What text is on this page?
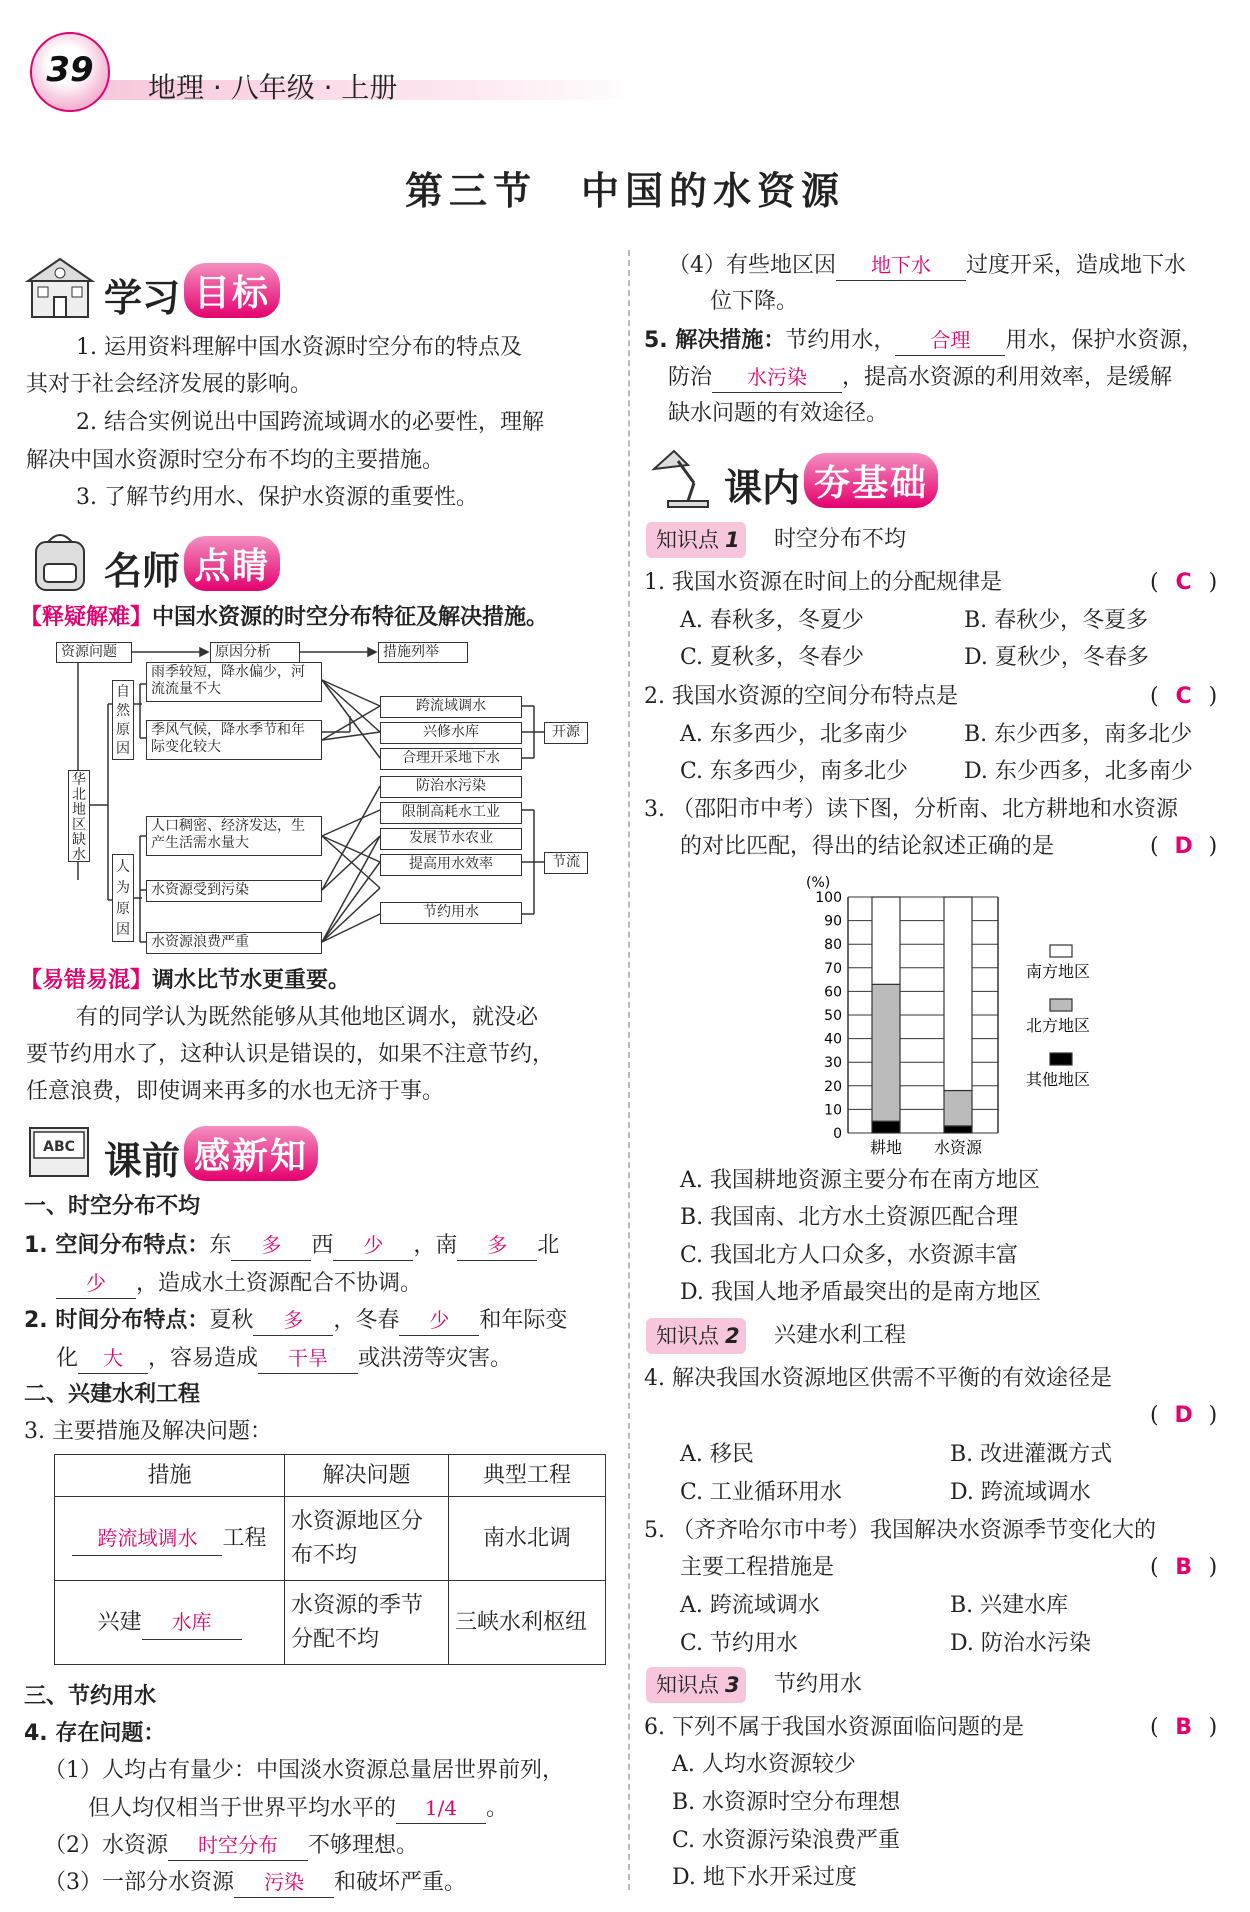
39 地理 · 八年级 · 上册
第三节　中国的水资源
学习 目标
1. 运用资料理解中国水资源时空分布的特点及
其对于社会经济发展的影响。
2. 结合实例说出中国跨流域调水的必要性，理解
解决中国水资源时空分布不均的主要措施。
3. 了解节约用水、保护水资源的重要性。
名师 点睛
【释疑解难】中国水资源的时空分布特征及解决措施。
资源问题	原因分析	措施列举
华北地区缺水
自然原因
人为原因
雨季较短，降水偏少，河流流量不大
季风气候，降水季节和年际变化较大
人口稠密、经济发达，生产生活需水量大
水资源受到污染
水资源浪费严重
跨流域调水
兴修水库
合理开采地下水
防治水污染
限制高耗水工业
发展节水农业
提高用水效率
节约用水
开源
节流
【易错易混】调水比节水更重要。
有的同学认为既然能够从其他地区调水，就没必
要节约用水了，这种认识是错误的，如果不注意节约，
任意浪费，即使调来再多的水也无济于事。
ABC 课前 感新知
一、时空分布不均
1. 空间分布特点：东 多 西 少 ，南 多 北
少 ，造成水土资源配合不协调。
2. 时间分布特点：夏秋 多 ，冬春 少 和年际变
化 大 ，容易造成 干旱 或洪涝等灾害。
二、兴建水利工程
3. 主要措施及解决问题：
措施	解决问题	典型工程
跨流域调水 工程	水资源地区分布不均	南水北调
兴建 水库	水资源的季节分配不均	三峡水利枢纽
三、节约用水
4. 存在问题：
（1）人均占有量少：中国淡水资源总量居世界前列，
但人均仅相当于世界平均水平的 1/4 。
（2）水资源 时空分布 不够理想。
（3）一部分水资源 污染 和破坏严重。
（4）有些地区因 地下水 过度开采，造成地下水
位下降。
5. 解决措施：节约用水， 合理 用水，保护水资源，
防治 水污染 ，提高水资源的利用效率，是缓解
缺水问题的有效途径。
课内 夯基础
知识点 1 时空分布不均
1. 我国水资源在时间上的分配规律是	( C )
A. 春秋多，冬夏少	B. 春秋少，冬夏多
C. 夏秋多，冬春少	D. 夏秋少，冬春多
2. 我国水资源的空间分布特点是	( C )
A. 东多西少，北多南少	B. 东少西多，南多北少
C. 东多西少，南多北少	D. 东少西多，北多南少
3. （邵阳市中考）读下图，分析南、北方耕地和水资源
的对比匹配，得出的结论叙述正确的是	( D )
0
10
20
30
40
50
60
70
80
90
100
(%)
耕地 水资源
南方地区
北方地区
其他地区
A. 我国耕地资源主要分布在南方地区
B. 我国南、北方水土资源匹配合理
C. 我国北方人口众多，水资源丰富
D. 我国人地矛盾最突出的是南方地区
知识点 2 兴建水利工程
4. 解决我国水资源地区供需不平衡的有效途径是
( D )
A. 移民	B. 改进灌溉方式
C. 工业循环用水	D. 跨流域调水
5. （齐齐哈尔市中考）我国解决水资源季节变化大的
主要工程措施是	( B )
A. 跨流域调水	B. 兴建水库
C. 节约用水	D. 防治水污染
知识点 3 节约用水
6. 下列不属于我国水资源面临问题的是	( B )
A. 人均水资源较少
B. 水资源时空分布理想
C. 水资源污染浪费严重
D. 地下水开采过度
